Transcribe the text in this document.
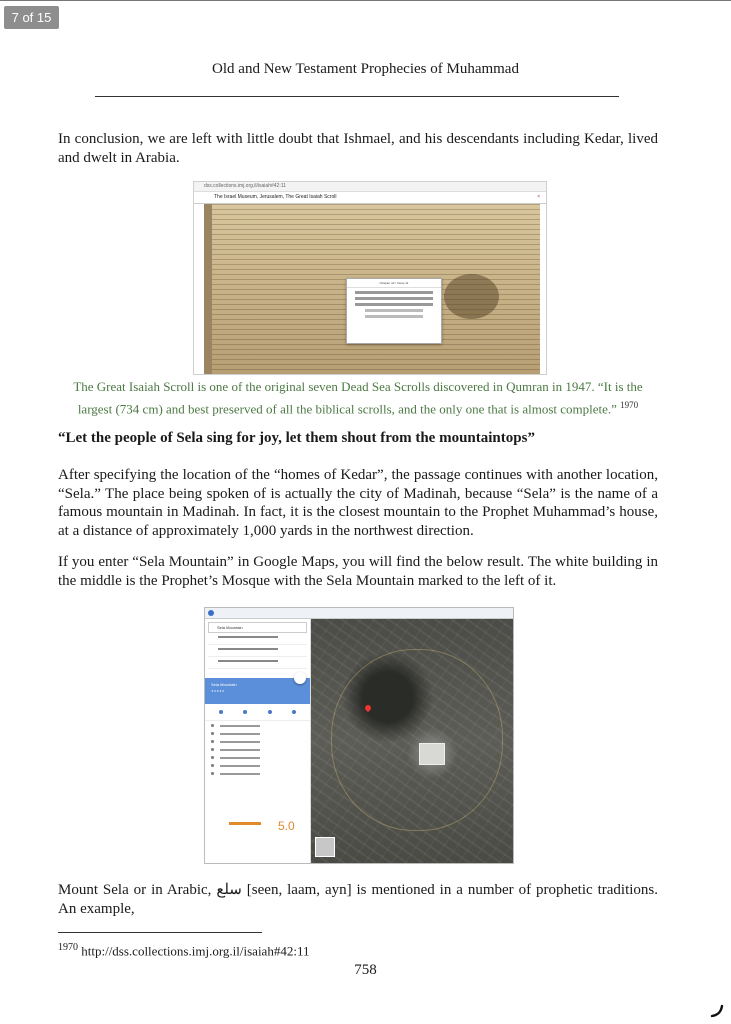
7 of 15
Old and New Testament Prophecies of Muhammad
In conclusion, we are left with little doubt that Ishmael, and his descendants including Kedar, lived and dwelt in Arabia.
dss.collections.imj.org.il/isaiah#42:11
The Israel Museum, Jerusalem, The Great Isaiah Scroll	×
Chapter 42 / Verse 11
The Great Isaiah Scroll is one of the original seven Dead Sea Scrolls discovered in Qumran in 1947. “It is the largest (734 cm) and best preserved of all the biblical scrolls, and the only one that is almost complete.” $^{1970}$
“Let the people of Sela sing for joy, let them shout from the mountaintops”
After specifying the location of the “homes of Kedar”, the passage continues with another location, “Sela.” The place being spoken of is actually the city of Madinah, because “Sela” is the name of a famous mountain in Madinah. In fact, it is the closest mountain to the Prophet Muhammad’s house, at a distance of approximately 1,000 yards in the northwest direction.
If you enter “Sela Mountain” in Google Maps, you will find the below result. The white building in the middle is the Prophet’s Mosque with the Sela Mountain marked to the left of it.
Sela Mountain
Sela Mountain
★★★★★
5.0
Mount Sela or in Arabic, سلع [seen, laam, ayn] is mentioned in a number of prophetic traditions. An example,
$^{1970}$ http://dss.collections.imj.org.il/isaiah#42:11
758
